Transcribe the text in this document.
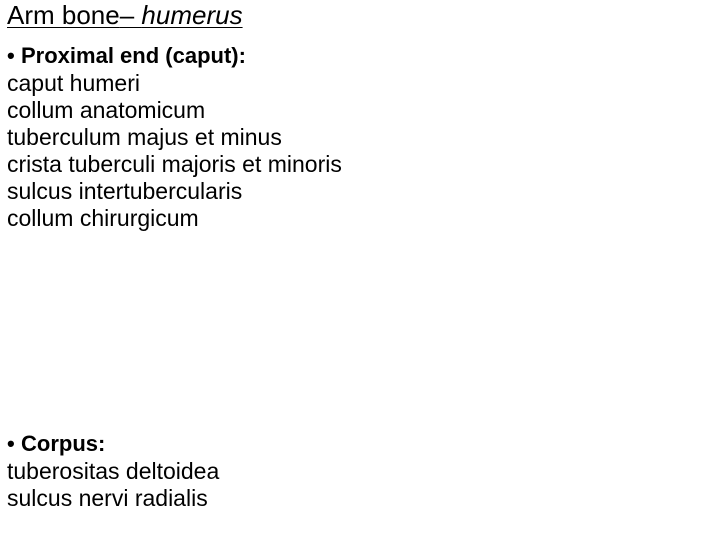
Arm bone– humerus
• Proximal end (caput):
caput humeri
collum anatomicum
tuberculum majus et minus
crista tuberculi majoris et minoris
sulcus intertubercularis
collum chirurgicum
• Corpus:
tuberositas deltoidea
sulcus nervi radialis
